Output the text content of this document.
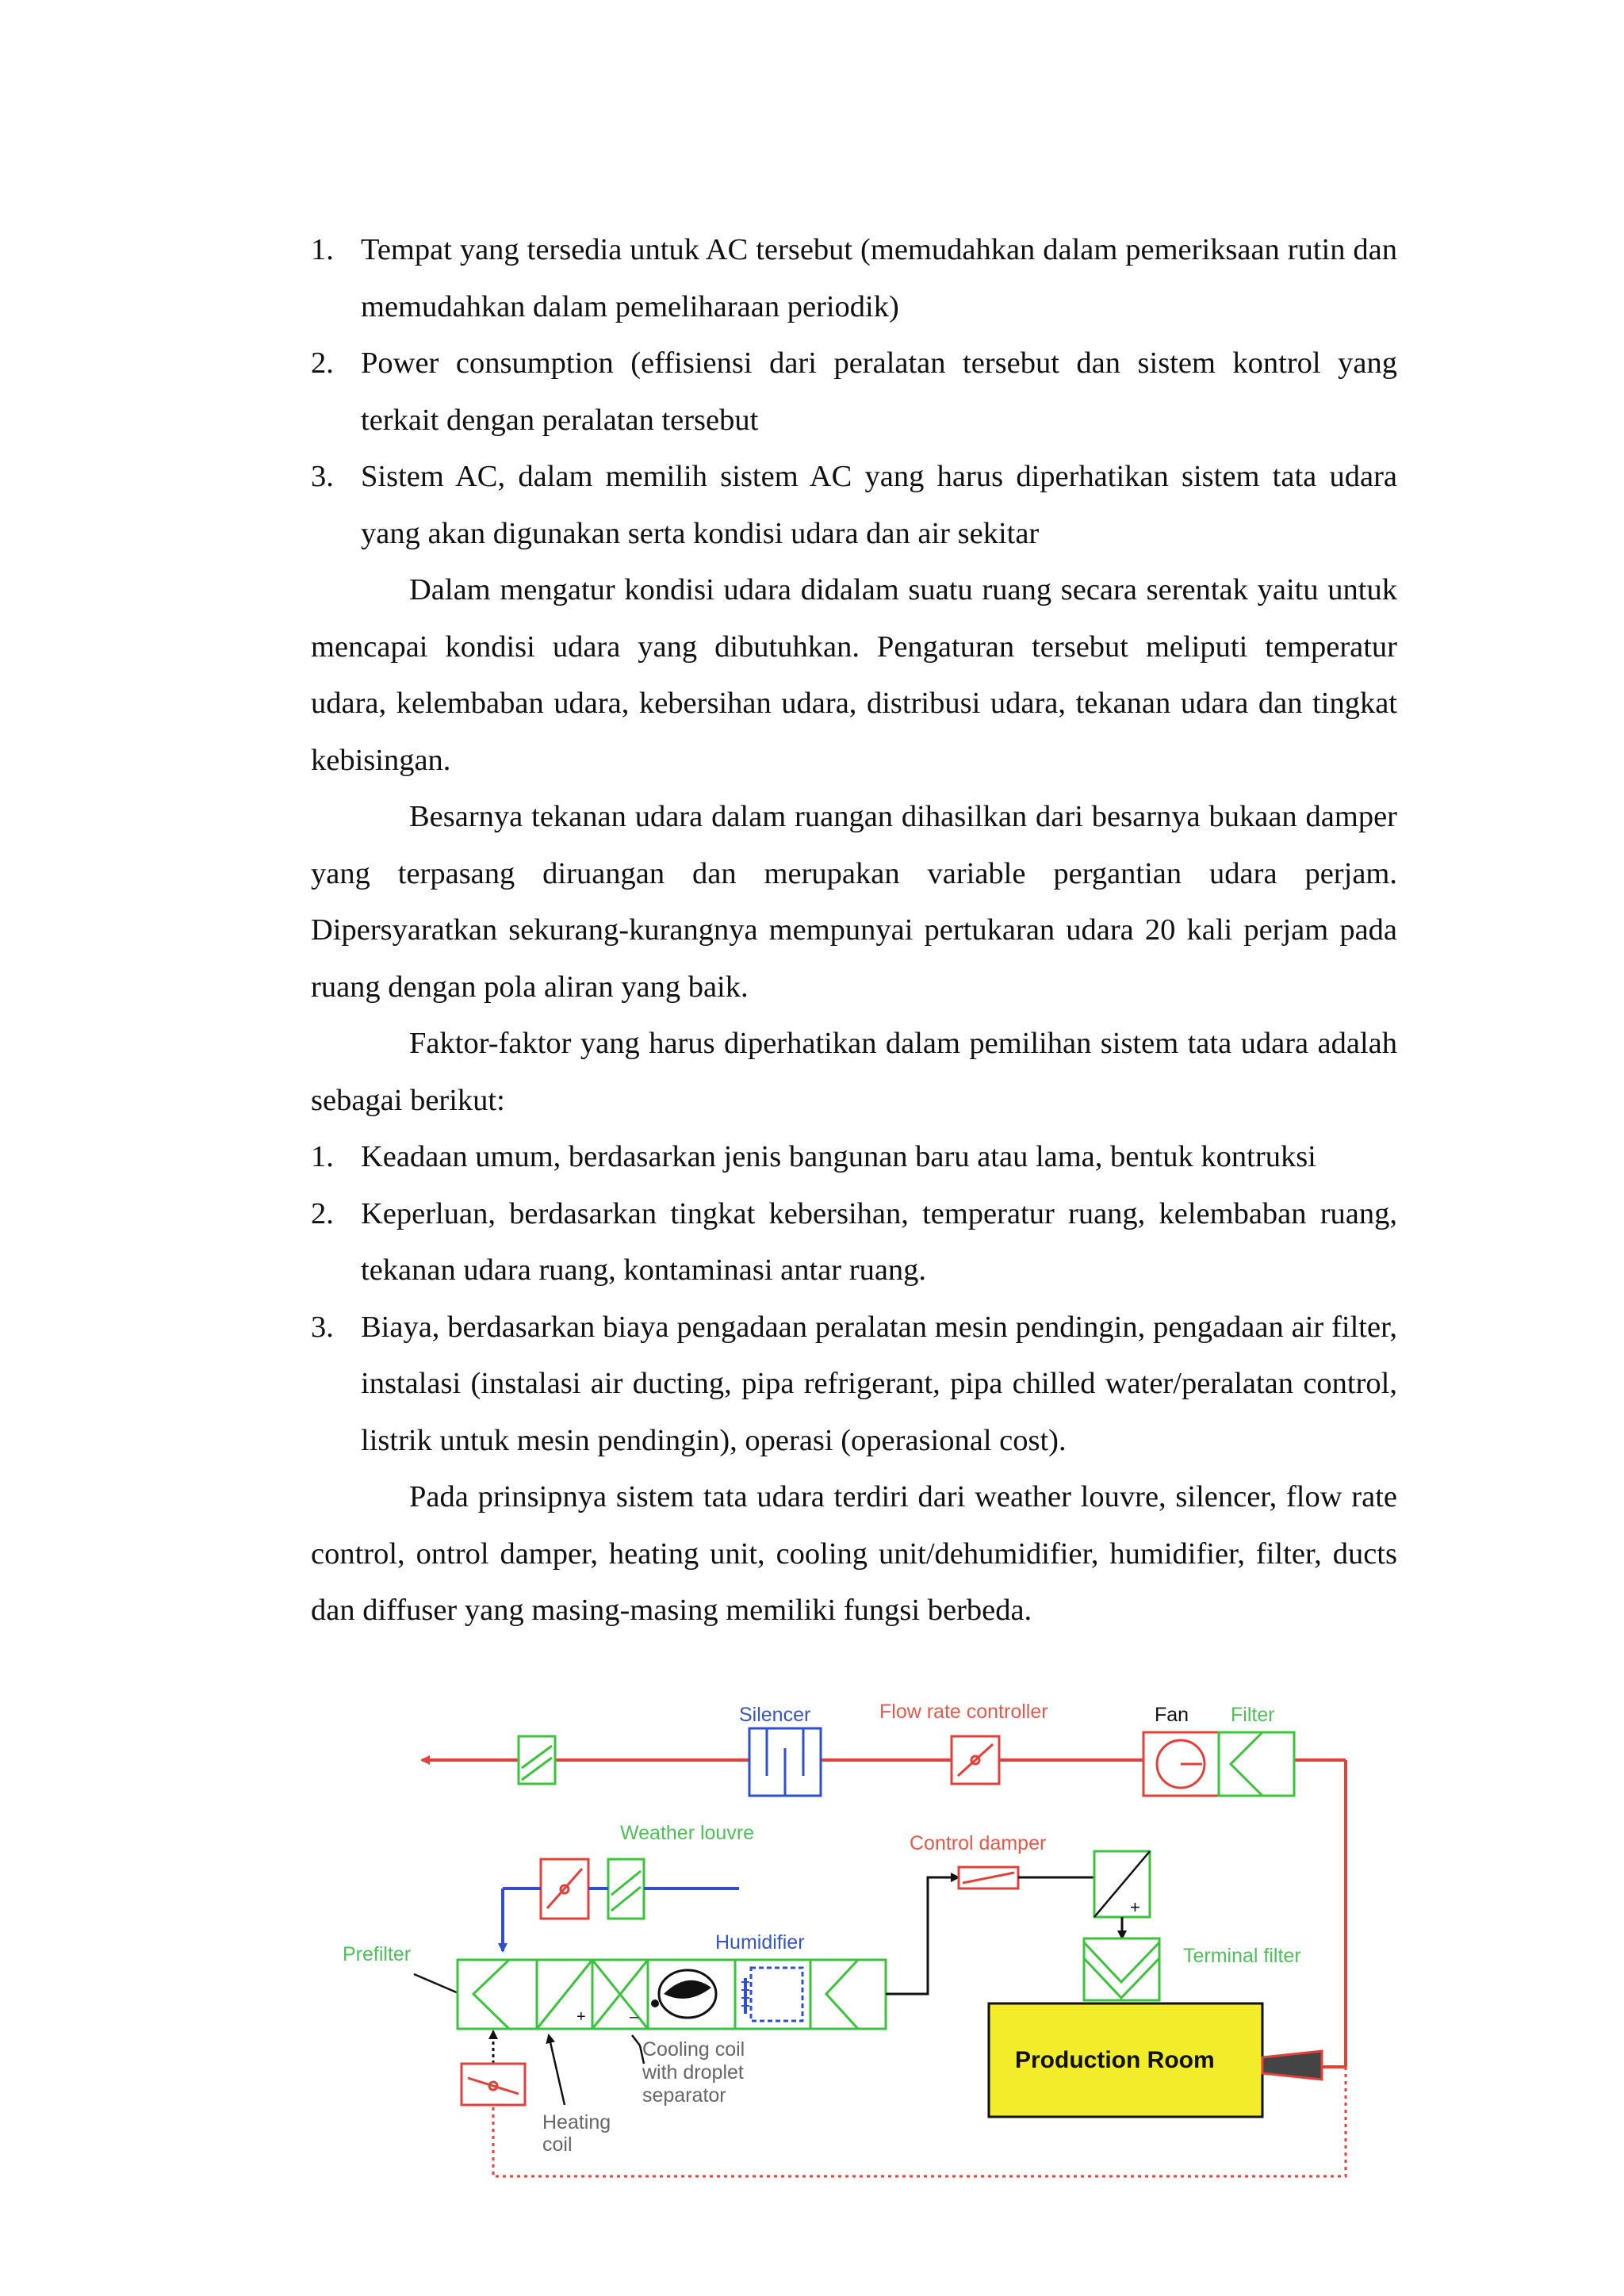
1. Tempat yang tersedia untuk AC tersebut (memudahkan dalam pemeriksaan rutin dan memudahkan dalam pemeliharaan periodik)
2. Power consumption (effisiensi dari peralatan tersebut dan sistem kontrol yang terkait dengan peralatan tersebut
3. Sistem AC, dalam memilih sistem AC yang harus diperhatikan sistem tata udara yang akan digunakan serta kondisi udara dan air sekitar

Dalam mengatur kondisi udara didalam suatu ruang secara serentak yaitu untuk mencapai kondisi udara yang dibutuhkan. Pengaturan tersebut meliputi temperatur udara, kelembaban udara, kebersihan udara, distribusi udara, tekanan udara dan tingkat kebisingan.

Besarnya tekanan udara dalam ruangan dihasilkan dari besarnya bukaan damper yang terpasang diruangan dan merupakan variable pergantian udara perjam. Dipersyaratkan sekurang-kurangnya mempunyai pertukaran udara 20 kali perjam pada ruang dengan pola aliran yang baik.

Faktor-faktor yang harus diperhatikan dalam pemilihan sistem tata udara adalah sebagai berikut:

1. Keadaan umum, berdasarkan jenis bangunan baru atau lama, bentuk kontruksi
2. Keperluan, berdasarkan tingkat kebersihan, temperatur ruang, kelembaban ruang, tekanan udara ruang, kontaminasi antar ruang.
3. Biaya, berdasarkan biaya pengadaan peralatan mesin pendingin, pengadaan air filter, instalasi (instalasi air ducting, pipa refrigerant, pipa chilled water/peralatan control, listrik untuk mesin pendingin), operasi (operasional cost).

Pada prinsipnya sistem tata udara terdiri dari weather louvre, silencer, flow rate control, ontrol damper, heating unit, cooling unit/dehumidifier, humidifier, filter, ducts dan diffuser yang masing-masing memiliki fungsi berbeda.

Silencer	Flow rate controller	Fan Filter
Weather louvre
Prefilter
Humidifier
+	–
Control damper
+
Terminal filter
Production Room
Heating
coil
Cooling coil
with droplet
separator
